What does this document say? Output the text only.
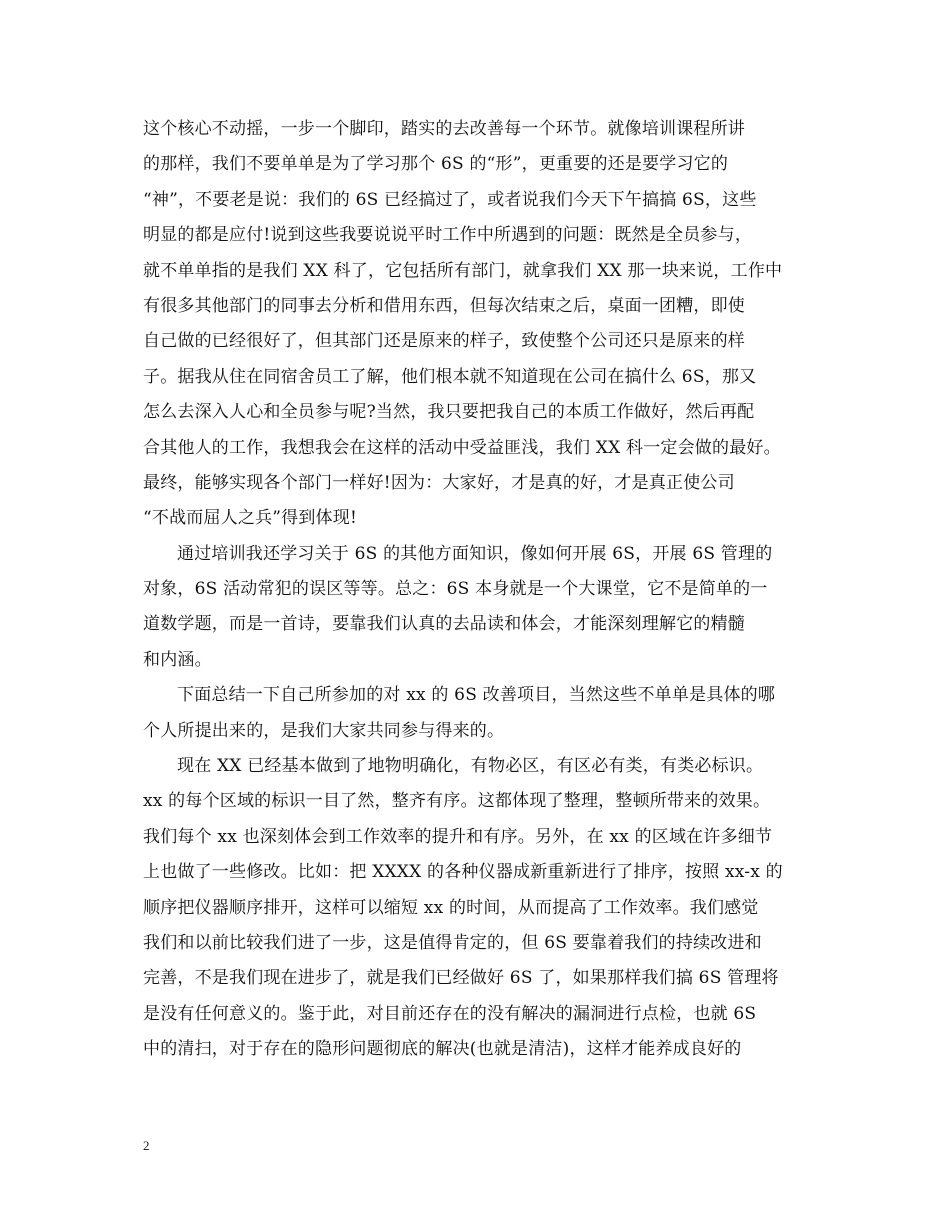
这个核心不动摇，一步一个脚印，踏实的去改善每一个环节。就像培训课程所讲
的那样，我们不要单单是为了学习那个 6S 的“形”，更重要的还是要学习它的
“神”，不要老是说：我们的 6S 已经搞过了，或者说我们今天下午搞搞 6S，这些
明显的都是应付!说到这些我要说说平时工作中所遇到的问题：既然是全员参与，
就不单单指的是我们 XX 科了，它包括所有部门，就拿我们 XX 那一块来说，工作中
有很多其他部门的同事去分析和借用东西，但每次结束之后，桌面一团糟，即使
自己做的已经很好了，但其部门还是原来的样子，致使整个公司还只是原来的样
子。据我从住在同宿舍员工了解，他们根本就不知道现在公司在搞什么 6S，那又
怎么去深入人心和全员参与呢?当然，我只要把我自己的本质工作做好，然后再配
合其他人的工作，我想我会在这样的活动中受益匪浅，我们 XX 科一定会做的最好。
最终，能够实现各个部门一样好!因为：大家好，才是真的好，才是真正使公司
“不战而屈人之兵”得到体现!
通过培训我还学习关于 6S 的其他方面知识，像如何开展 6S，开展 6S 管理的
对象，6S 活动常犯的误区等等。总之：6S 本身就是一个大课堂，它不是简单的一
道数学题，而是一首诗，要靠我们认真的去品读和体会，才能深刻理解它的精髓
和内涵。
下面总结一下自己所参加的对 xx 的 6S 改善项目，当然这些不单单是具体的哪
个人所提出来的，是我们大家共同参与得来的。
现在 XX 已经基本做到了地物明确化，有物必区，有区必有类，有类必标识。
xx 的每个区域的标识一目了然，整齐有序。这都体现了整理，整顿所带来的效果。
我们每个 xx 也深刻体会到工作效率的提升和有序。另外，在 xx 的区域在许多细节
上也做了一些修改。比如：把 XXXX 的各种仪器成新重新进行了排序，按照 xx-x 的
顺序把仪器顺序排开，这样可以缩短 xx 的时间，从而提高了工作效率。我们感觉
我们和以前比较我们进了一步，这是值得肯定的，但 6S 要靠着我们的持续改进和
完善，不是我们现在进步了，就是我们已经做好 6S 了，如果那样我们搞 6S 管理将
是没有任何意义的。鉴于此，对目前还存在的没有解决的漏洞进行点检，也就 6S
中的清扫，对于存在的隐形问题彻底的解决(也就是清洁)，这样才能养成良好的
2
